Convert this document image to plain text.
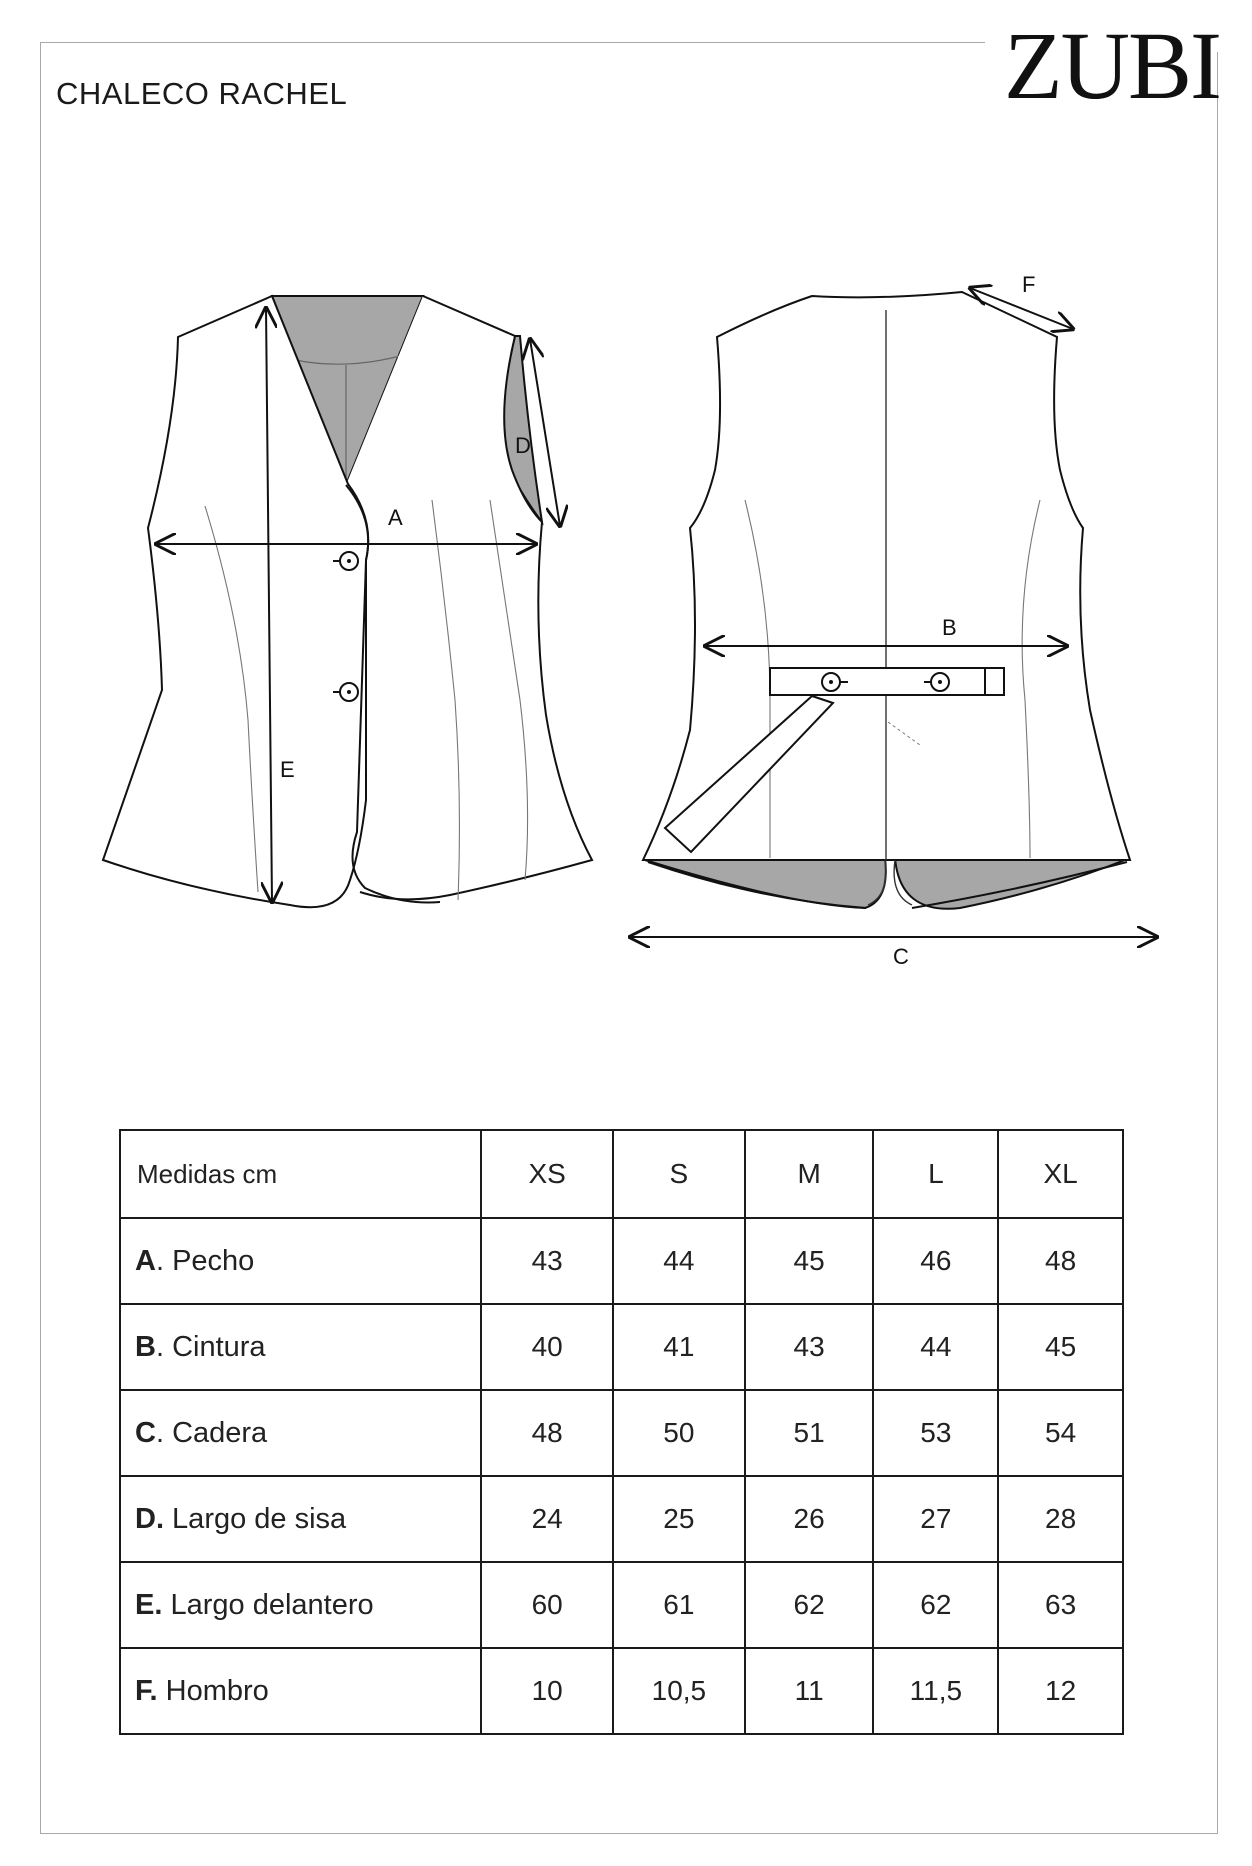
CHALECO RACHEL	ZUBI
A
D
E
B
C
F
Medidas cm	XS	S	M	L	XL
A. Pecho	43	44	45	46	48
B. Cintura	40	41	43	44	45
C. Cadera	48	50	51	53	54
D. Largo de sisa	24	25	26	27	28
E. Largo delantero	60	61	62	62	63
F. Hombro	10	10,5	11	11,5	12
